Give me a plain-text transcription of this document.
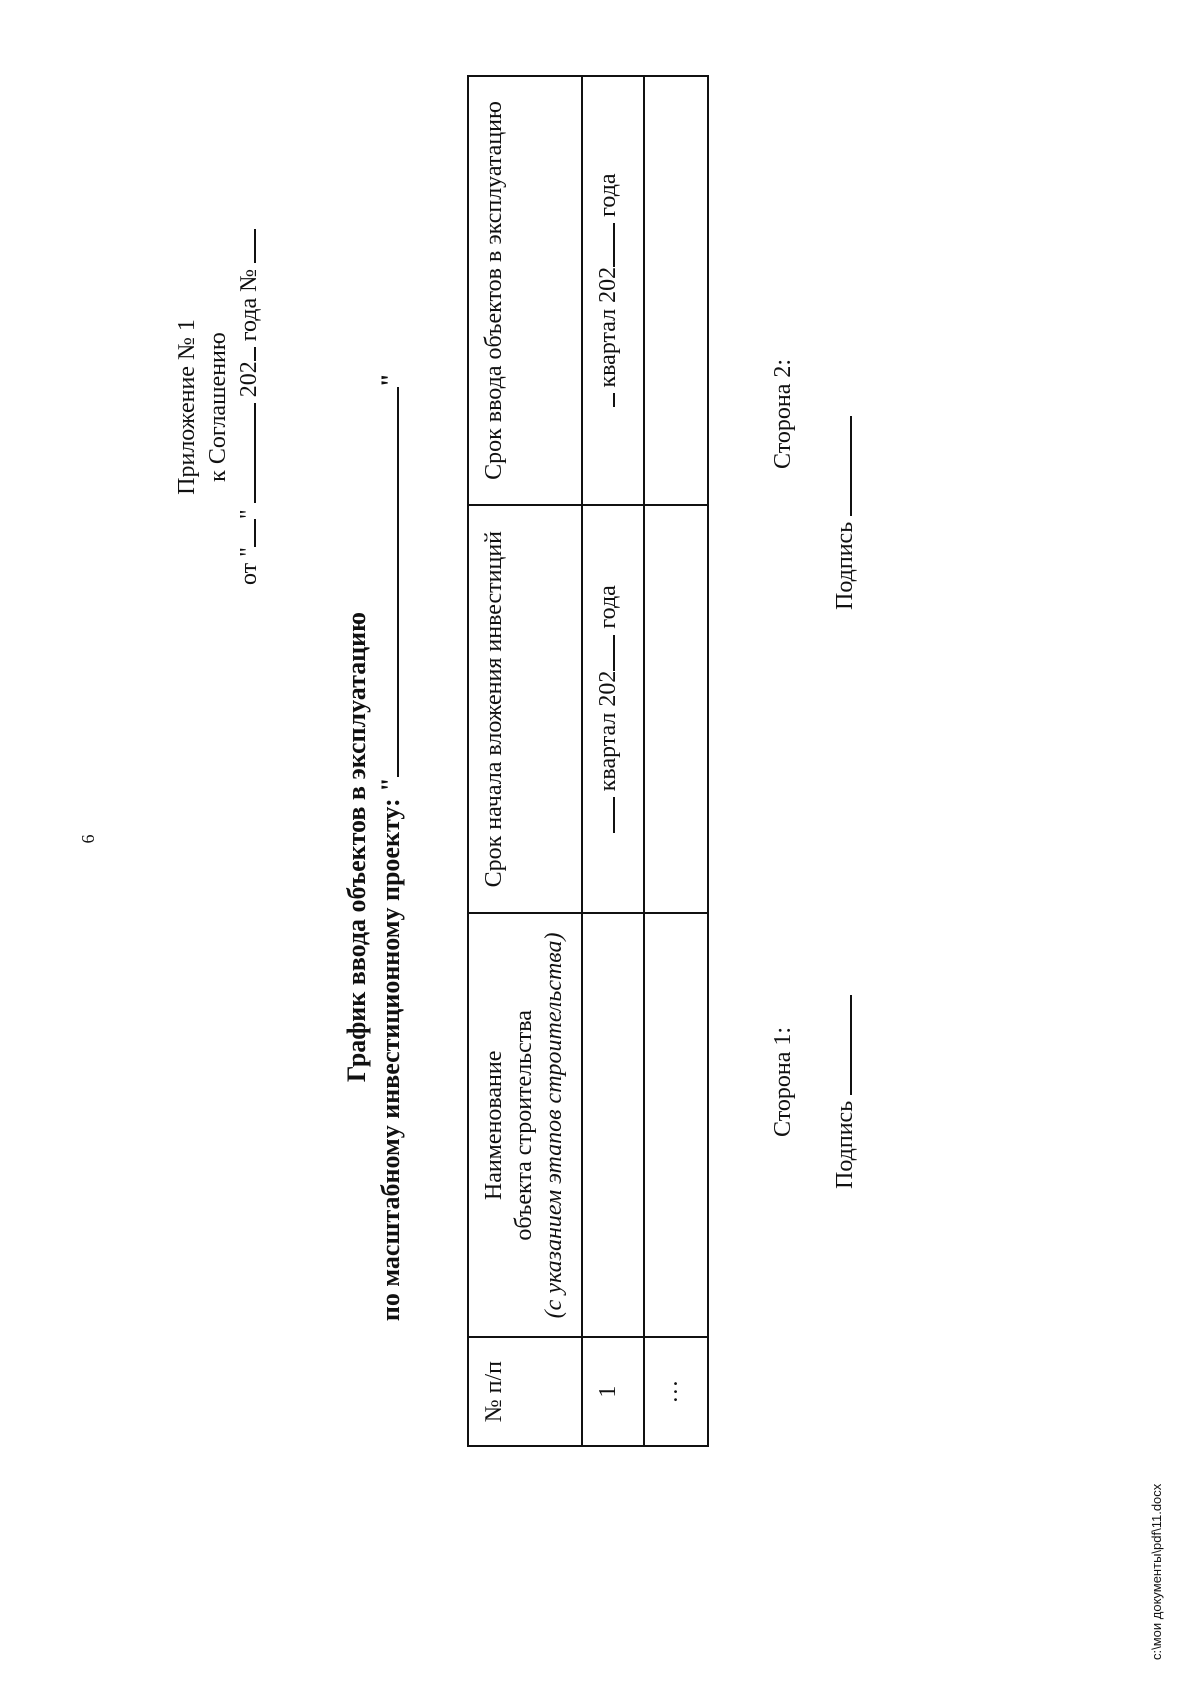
6
Приложение № 1 к Соглашению
от ""  202 года №
График ввода объектов в эксплуатацию по масштабному инвестиционному проекту: ""
№ п/п	Наименование объекта строительства (с указанием этапов строительства)	Срок начала вложения инвестиций	Срок ввода объектов в эксплуатацию
1		квартал 202 года	квартал 202 года
…			
Сторона 1:
Сторона 2:
Подпись
Подпись
c:\мои документы\pdf\11.docx
